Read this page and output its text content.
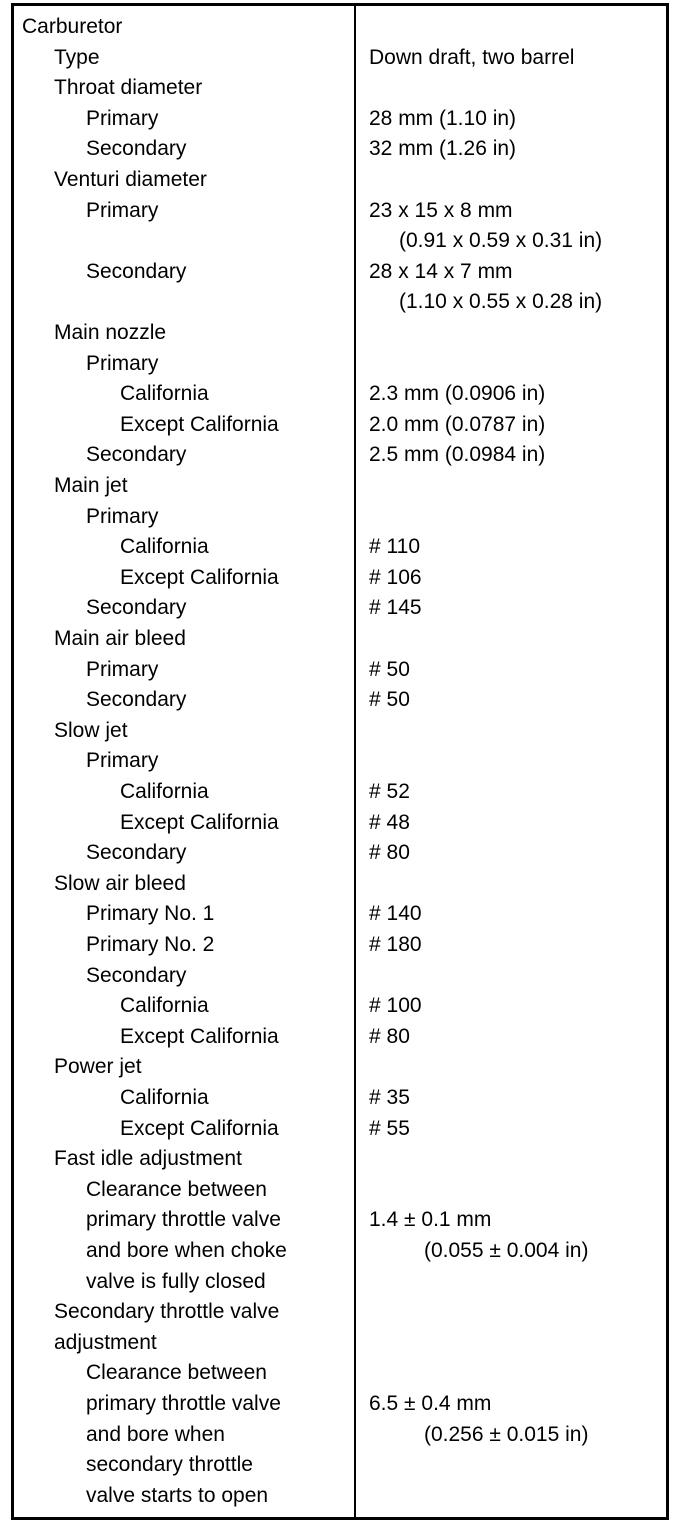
Carburetor
Type	Down draft, two barrel
Throat diameter
Primary	28 mm (1.10 in)
Secondary	32 mm (1.26 in)
Venturi diameter
Primary	23 x 15 x 8 mm
(0.91 x 0.59 x 0.31 in)
Secondary	28 x 14 x 7 mm
(1.10 x 0.55 x 0.28 in)
Main nozzle
Primary
California	2.3 mm (0.0906 in)
Except California	2.0 mm (0.0787 in)
Secondary	2.5 mm (0.0984 in)
Main jet
Primary
California	# 110
Except California	# 106
Secondary	# 145
Main air bleed
Primary	# 50
Secondary	# 50
Slow jet
Primary
California	# 52
Except California	# 48
Secondary	# 80
Slow air bleed
Primary No. 1	# 140
Primary No. 2	# 180
Secondary
California	# 100
Except California	# 80
Power jet
California	# 35
Except California	# 55
Fast idle adjustment
Clearance between
primary throttle valve	1.4 ± 0.1 mm
and bore when choke	(0.055 ± 0.004 in)
valve is fully closed
Secondary throttle valve
adjustment
Clearance between
primary throttle valve	6.5 ± 0.4 mm
and bore when	(0.256 ± 0.015 in)
secondary throttle
valve starts to open
